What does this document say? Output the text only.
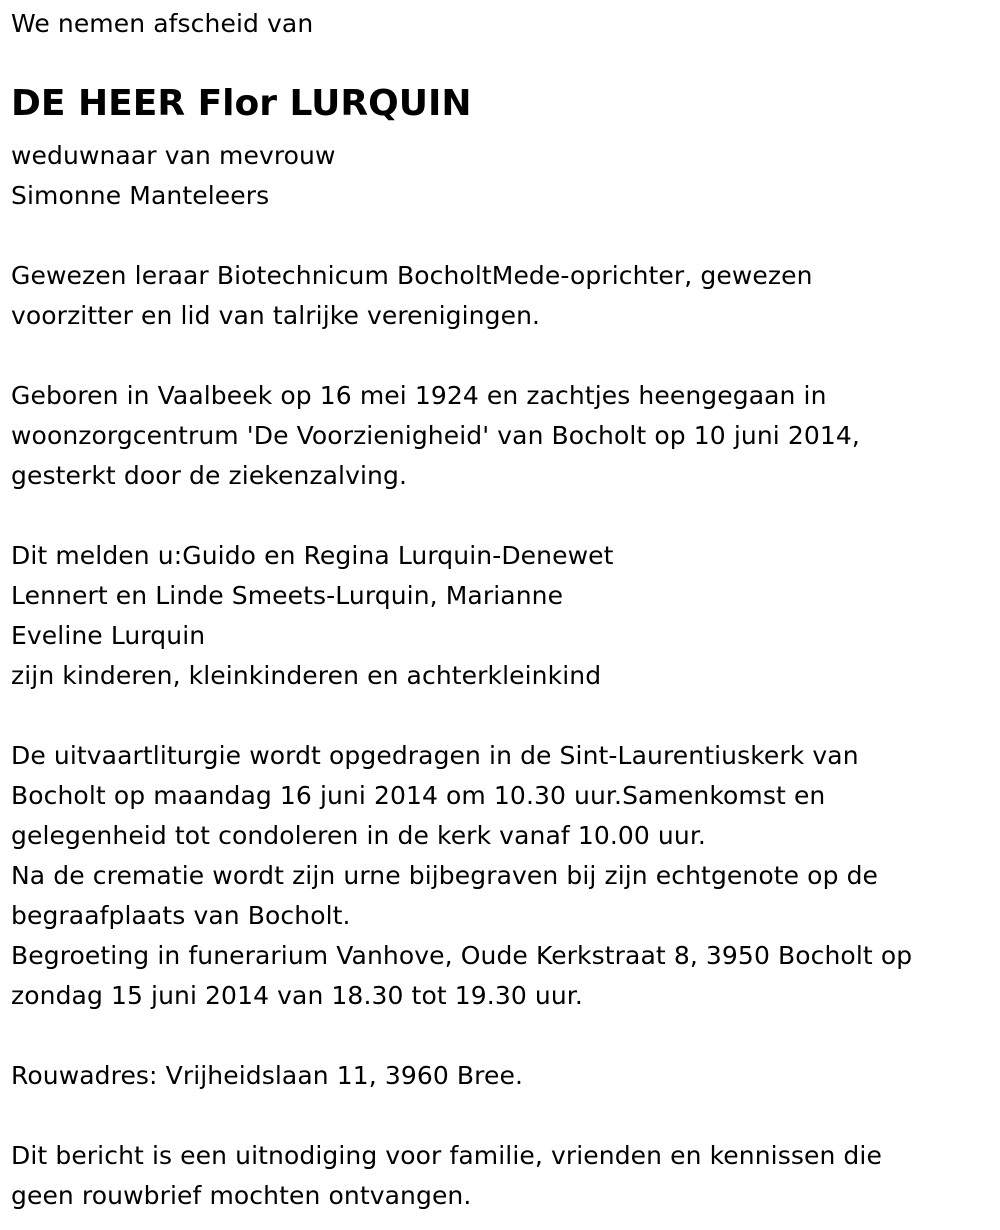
We nemen afscheid van
DE HEER Flor LURQUIN
weduwnaar van mevrouw
Simonne Manteleers
Gewezen leraar Biotechnicum BocholtMede-oprichter, gewezen
voorzitter en lid van talrijke verenigingen.
Geboren in Vaalbeek op 16 mei 1924 en zachtjes heengegaan in
woonzorgcentrum 'De Voorzienigheid' van Bocholt op 10 juni 2014,
gesterkt door de ziekenzalving.
Dit melden u:Guido en Regina Lurquin-Denewet
Lennert en Linde Smeets-Lurquin, Marianne
Eveline Lurquin
zijn kinderen, kleinkinderen en achterkleinkind
De uitvaartliturgie wordt opgedragen in de Sint-Laurentiuskerk van
Bocholt op maandag 16 juni 2014 om 10.30 uur.Samenkomst en
gelegenheid tot condoleren in de kerk vanaf 10.00 uur.
Na de crematie wordt zijn urne bijbegraven bij zijn echtgenote op de
begraafplaats van Bocholt.
Begroeting in funerarium Vanhove, Oude Kerkstraat 8, 3950 Bocholt op
zondag 15 juni 2014 van 18.30 tot 19.30 uur.
Rouwadres: Vrijheidslaan 11, 3960 Bree.
Dit bericht is een uitnodiging voor familie, vrienden en kennissen die
geen rouwbrief mochten ontvangen.
